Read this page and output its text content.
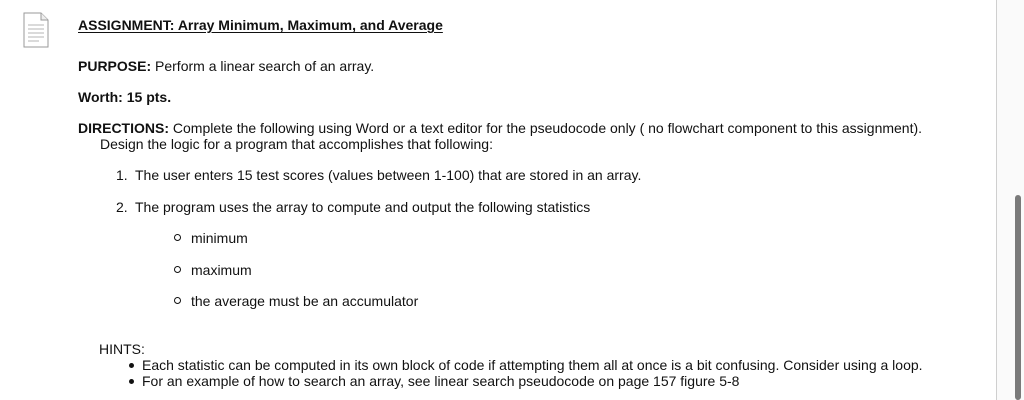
ASSIGNMENT: Array Minimum, Maximum, and Average
PURPOSE: Perform a linear search of an array.
Worth: 15 pts.
DIRECTIONS: Complete the following using Word or a text editor for the pseudocode only ( no flowchart component to this assignment).
Design the logic for a program that accomplishes that following:
1. The user enters 15 test scores (values between 1-100) that are stored in an array.
2. The program uses the array to compute and output the following statistics
minimum
maximum
the average must be an accumulator
HINTS:
Each statistic can be computed in its own block of code if attempting them all at once is a bit confusing. Consider using a loop.
For an example of how to search an array, see linear search pseudocode on page 157 figure 5-8
